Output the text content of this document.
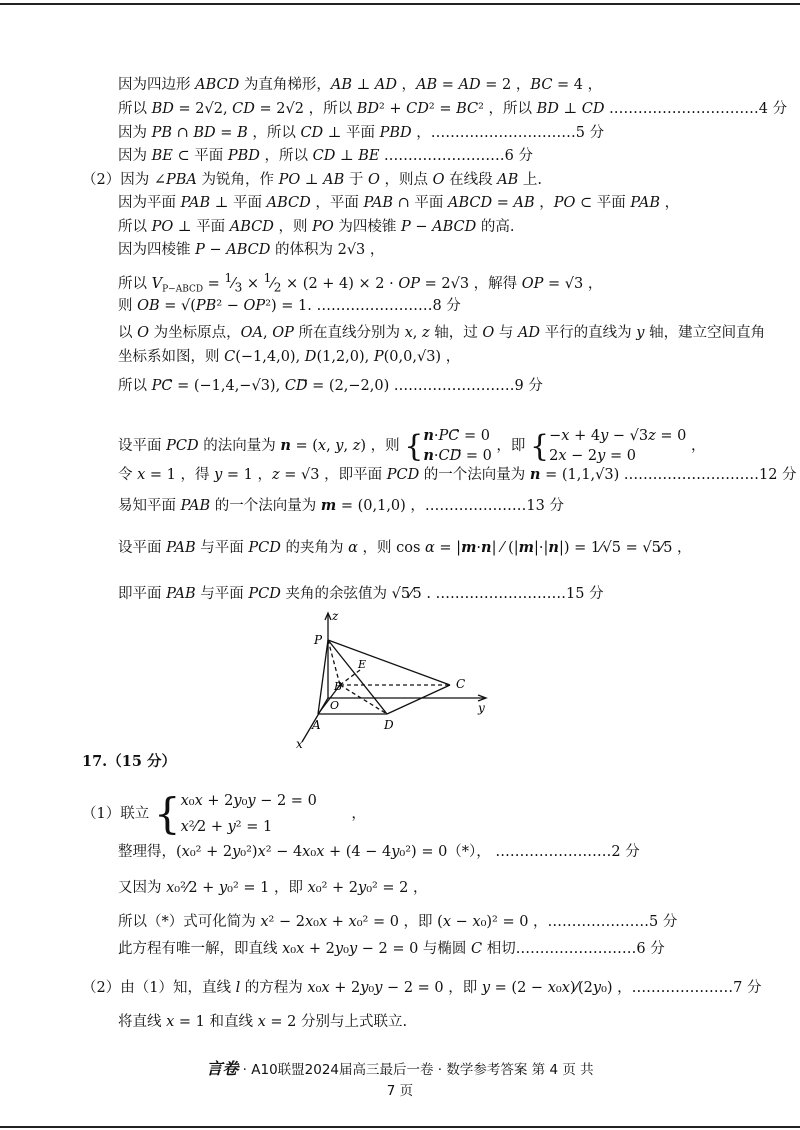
因为四边形 ABCD 为直角梯形，AB ⊥ AD ，AB = AD = 2 ，BC = 4 ，
所以 BD = 2√2, CD = 2√2 ，所以 BD² + CD² = BC² ，所以 BD ⊥ CD .…………………………4 分
因为 PB ∩ BD = B ，所以 CD ⊥ 平面 PBD ，…………………………5 分
因为 BE ⊂ 平面 PBD ，所以 CD ⊥ BE .……………………6 分
（2）因为 ∠PBA 为锐角，作 PO ⊥ AB 于 O ，则点 O 在线段 AB 上.
因为平面 PAB ⊥ 平面 ABCD ，平面 PAB ∩ 平面 ABCD = AB ，PO ⊂ 平面 PAB ，
所以 PO ⊥ 平面 ABCD ，则 PO 为四棱锥 P − ABCD 的高.
因为四棱锥 P − ABCD 的体积为 2√3 ，
所以 $V_{P-ABCD}$ = $^1⁄_3$ × $^1⁄_2 \times (2 + 4) \times 2$ · OP = 2√3 ，解得 OP = √3 ，
则 OB = √(PB² − OP²) = 1. ……………………8 分
以 O 为坐标原点，OA, OP 所在直线分别为 x, z 轴，过 O 与 AD 平行的直线为 y 轴，建立空间直角
坐标系如图，则 C(−1,4,0), D(1,2,0), P(0,0,√3) ，
所以 PC⃗ = (−1,4,−√3), CD⃗ = (2,−2,0) .……………………9 分
设平面 PCD 的法向量为 n = (x, y, z) ，则 {n·PC⃗ = 0
n·CD⃗ = 0 ，即 {−x + 4y − √3z = 0
2x − 2y = 0 ，
令 x = 1 ，得 y = 1 ，z = √3 ，即平面 PCD 的一个法向量为 n = (1,1,√3) .………………………12 分
易知平面 PAB 的一个法向量为 m = (0,1,0) ，…………………13 分
设平面 PAB 与平面 PCD 的夹角为 α ，则 cos α = |m·n| ⁄ (|m|·|n|) = 1⁄√5 = √5⁄5 ，
即平面 PAB 与平面 PCD 夹角的余弦值为 √5⁄5 . ………………………15 分
P
z
E
B	C
y
O
A	D
x
17.（15 分）
（1）联立 {x₀x + 2y₀y − 2 = 0
x²⁄2 + y² = 1 ，
整理得，(x₀² + 2y₀²)x² − 4x₀x + (4 − 4y₀²) = 0（*）， ……………………2 分
又因为 x₀²⁄2 + y₀² = 1 ，即 x₀² + 2y₀² = 2 ，
所以（*）式可化简为 x² − 2x₀x + x₀² = 0 ，即 (x − x₀)² = 0 ，…………………5 分
此方程有唯一解，即直线 x₀x + 2y₀y − 2 = 0 与椭圆 C 相切.……………………6 分
（2）由（1）知，直线 l 的方程为 x₀x + 2y₀y − 2 = 0 ，即 y = (2 − x₀x)⁄(2y₀) ，…………………7 分
将直线 x = 1 和直线 x = 2 分别与上式联立.
言卷 · A10联盟2024届高三最后一卷 · 数学参考答案 第 4 页 共 7 页
